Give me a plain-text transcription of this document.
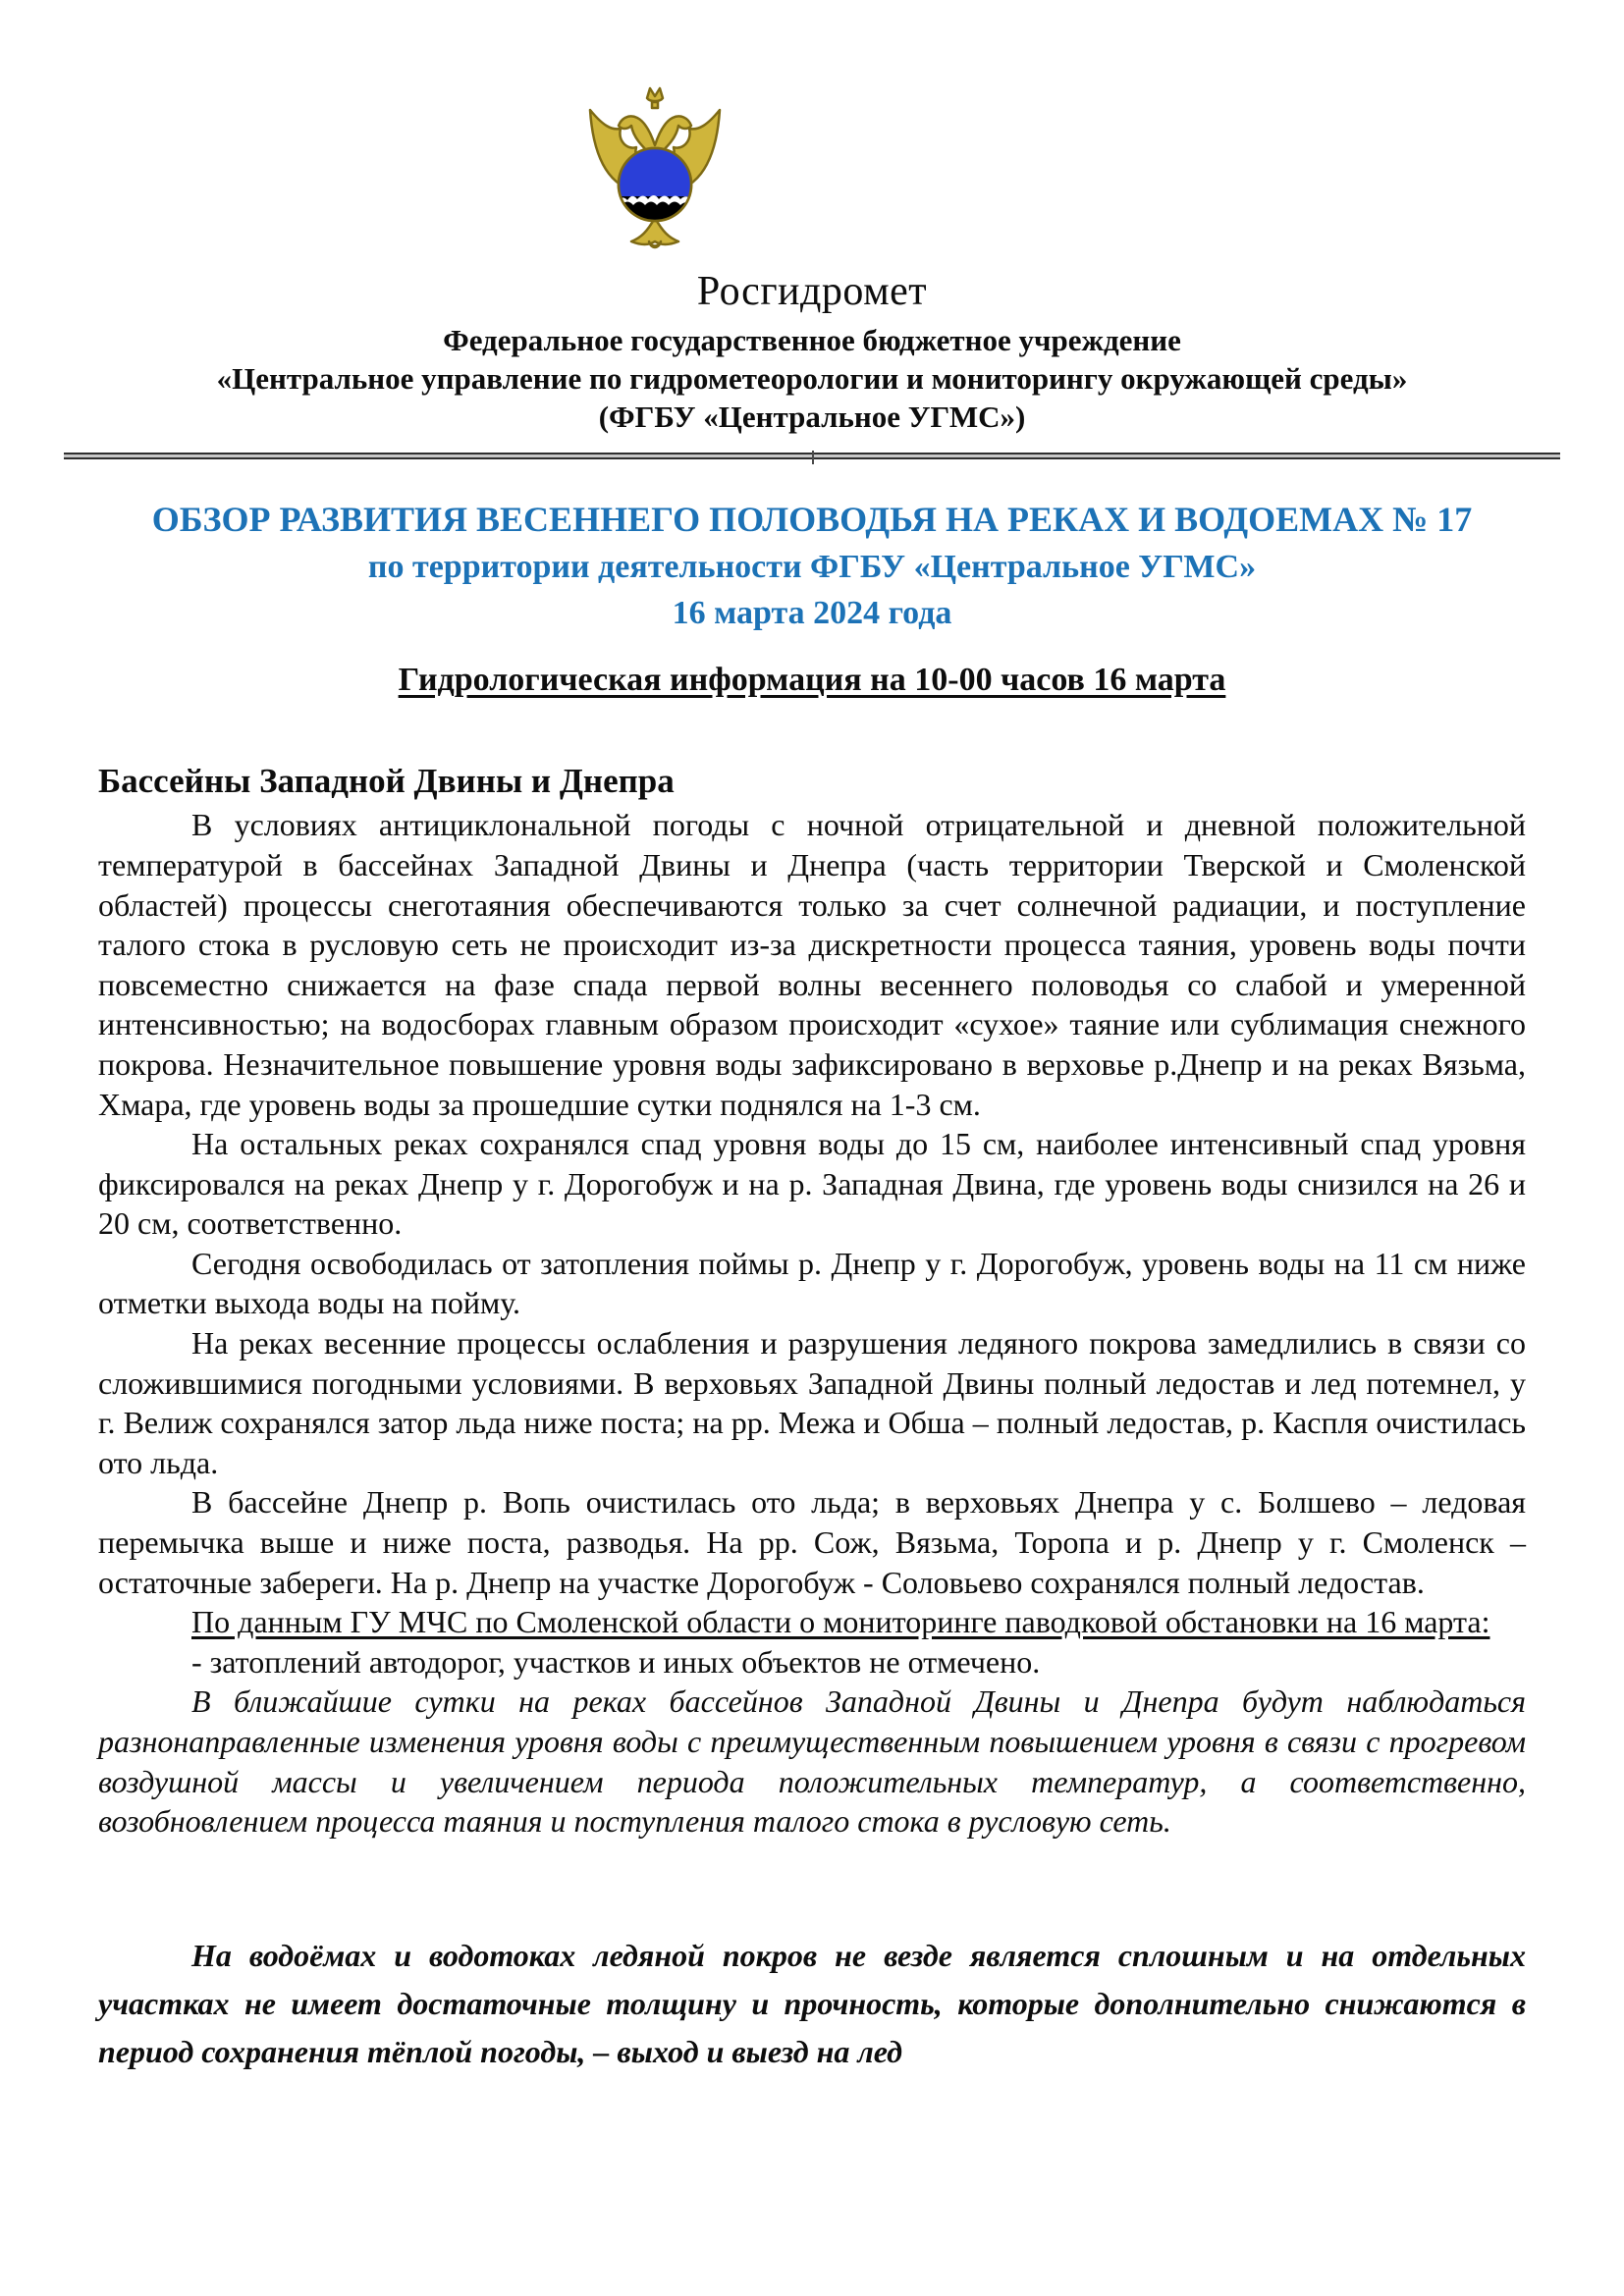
Росгидромет
Федеральное государственное бюджетное учреждение
«Центральное управление по гидрометеорологии и мониторингу окружающей среды»
(ФГБУ «Центральное УГМС»)
ОБЗОР РАЗВИТИЯ ВЕСЕННЕГО ПОЛОВОДЬЯ НА РЕКАХ И ВОДОЕМАХ № 17
по территории деятельности ФГБУ «Центральное УГМС»
16 марта 2024 года
Гидрологическая информация на 10-00 часов 16 марта
Бассейны Западной Двины и Днепра

В условиях антициклональной погоды с ночной отрицательной и дневной положительной температурой в бассейнах Западной Двины и Днепра (часть территории Тверской и Смоленской областей) процессы снеготаяния обеспечиваются только за счет солнечной радиации, и поступление талого стока в русловую сеть не происходит из-за дискретности процесса таяния, уровень воды почти повсеместно снижается на фазе спада первой волны весеннего половодья со слабой и умеренной интенсивностью; на водосборах главным образом происходит «сухое» таяние или сублимация снежного покрова. Незначительное повышение уровня воды зафиксировано в верховье р.Днепр и на реках Вязьма, Хмара, где уровень воды за прошедшие сутки поднялся на 1-3 см.

На остальных реках сохранялся спад уровня воды до 15 см, наиболее интенсивный спад уровня фиксировался на реках Днепр у г. Дорогобуж и на р. Западная Двина, где уровень воды снизился на 26 и 20 см, соответственно.

Сегодня освободилась от затопления поймы р. Днепр у г. Дорогобуж, уровень воды на 11 см ниже отметки выхода воды на пойму.

На реках весенние процессы ослабления и разрушения ледяного покрова замедлились в связи со сложившимися погодными условиями. В верховьях Западной Двины полный ледостав и лед потемнел, у г. Велиж сохранялся затор льда ниже поста; на рр. Межа и Обша – полный ледостав, р. Каспля очистилась ото льда.

В бассейне Днепр р. Вопь очистилась ото льда; в верховьях Днепра у с. Болшево – ледовая перемычка выше и ниже поста, разводья. На рр. Сож, Вязьма, Торопа и р. Днепр у г. Смоленск – остаточные забереги. На р. Днепр на участке Дорогобуж - Соловьево сохранялся полный ледостав.

По данным ГУ МЧС по Смоленской области о мониторинге паводковой обстановки на 16 марта:

- затоплений автодорог, участков и иных объектов не отмечено.

В ближайшие сутки на реках бассейнов Западной Двины и Днепра будут наблюдаться разнонаправленные изменения уровня воды с преимущественным повышением уровня в связи с прогревом воздушной массы и увеличением периода положительных температур, а соответственно, возобновлением процесса таяния и поступления талого стока в русловую сеть.

На водоёмах и водотоках ледяной покров не везде является сплошным и на отдельных участках не имеет достаточные толщину и прочность, которые дополнительно снижаются в период сохранения тёплой погоды, – выход и выезд на лед
